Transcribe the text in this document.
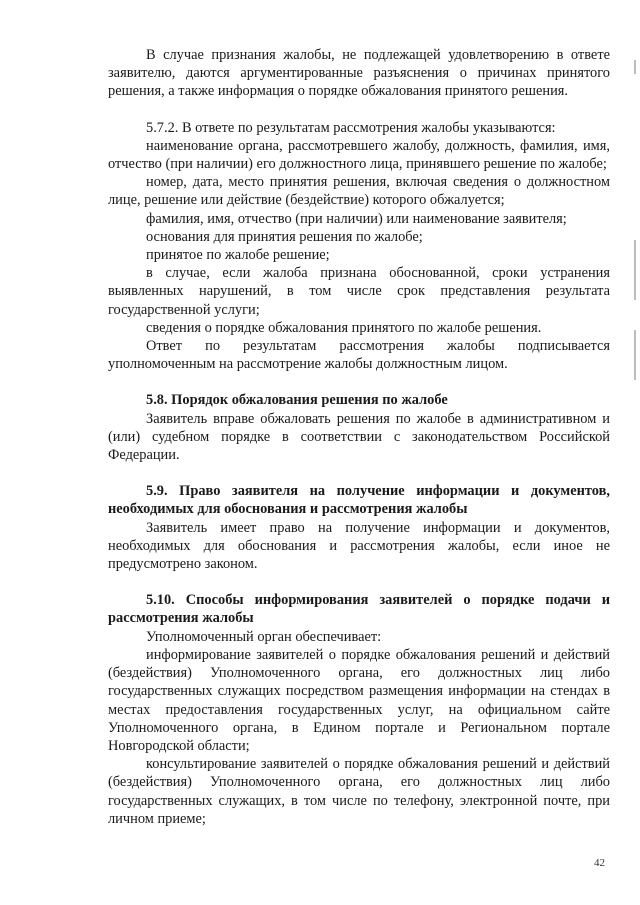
В случае признания жалобы, не подлежащей удовлетворению в ответе заявителю, даются аргументированные разъяснения о причинах принятого решения, а также информация о порядке обжалования принятого решения.

5.7.2. В ответе по результатам рассмотрения жалобы указываются:

наименование органа, рассмотревшего жалобу, должность, фамилия, имя, отчество (при наличии) его должностного лица, принявшего решение по жалобе;

номер, дата, место принятия решения, включая сведения о должностном лице, решение или действие (бездействие) которого обжалуется;

фамилия, имя, отчество (при наличии) или наименование заявителя;

основания для принятия решения по жалобе;

принятое по жалобе решение;

в случае, если жалоба признана обоснованной, сроки устранения выявленных нарушений, в том числе срок представления результата государственной услуги;

сведения о порядке обжалования принятого по жалобе решения.

Ответ по результатам рассмотрения жалобы подписывается уполномоченным на рассмотрение жалобы должностным лицом.

5.8. Порядок обжалования решения по жалобе

Заявитель вправе обжаловать решения по жалобе в административном и (или) судебном порядке в соответствии с законодательством Российской Федерации.

5.9. Право заявителя на получение информации и документов, необходимых для обоснования и рассмотрения жалобы

Заявитель имеет право на получение информации и документов, необходимых для обоснования и рассмотрения жалобы, если иное не предусмотрено законом.

5.10. Способы информирования заявителей о порядке подачи и рассмотрения жалобы

Уполномоченный орган обеспечивает:

информирование заявителей о порядке обжалования решений и действий (бездействия) Уполномоченного органа, его должностных лиц либо государственных служащих посредством размещения информации на стендах в местах предоставления государственных услуг, на официальном сайте Уполномоченного органа, в Едином портале и Региональном портале Новгородской области;

консультирование заявителей о порядке обжалования решений и действий (бездействия) Уполномоченного органа, его должностных лиц либо государственных служащих, в том числе по телефону, электронной почте, при личном приеме;

42
